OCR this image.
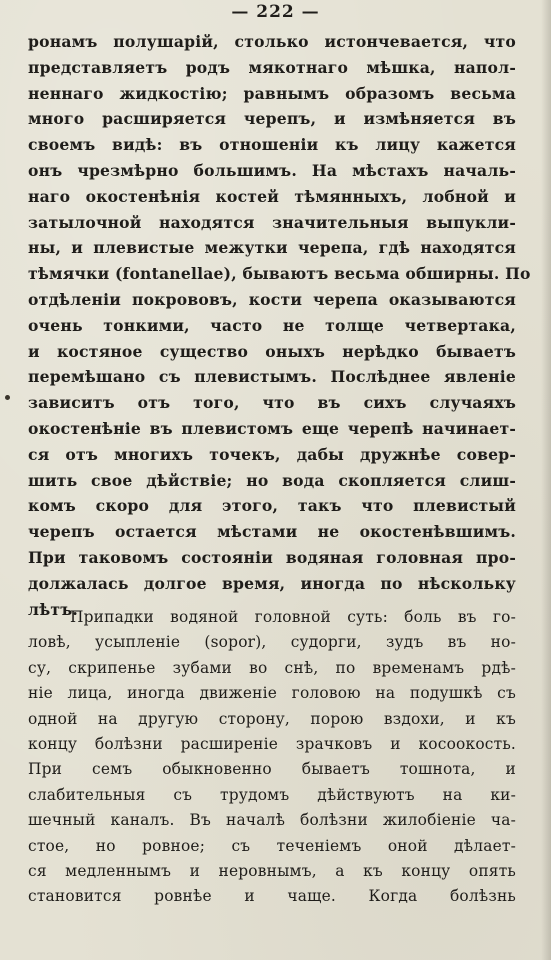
— 222 —
ронамъ полушарій, столько истончевается, что
представляетъ родъ мякотнаго мѣшка, напол-
неннаго жидкостію; равнымъ образомъ весьма
много расширяется черепъ, и измѣняется въ
своемъ видѣ: въ отношеніи къ лицу кажется
онъ чрезмѣрно большимъ. На мѣстахъ началь-
наго окостенѣнія костей тѣмянныхъ, лобной и
затылочной находятся значительныя выпукли-
ны, и плевистые межутки черепа, гдѣ находятся
тѣмячки (fontanellae), бываютъ весьма обширны. По
отдѣленіи покрововъ, кости черепа оказываются
очень тонкими, часто не толще четвертака,
и костяное существо оныхъ нерѣдко бываетъ
перемѣшано съ плевистымъ. Послѣднее явленіе
зависитъ отъ того, что въ сихъ случаяхъ
окостенѣніе въ плевистомъ еще черепѣ начинает-
ся отъ многихъ точекъ, дабы дружнѣе совер-
шить свое дѣйствіе; но вода скопляется слиш-
комъ скоро для этого, такъ что плевистый
черепъ остается мѣстами не окостенѣвшимъ.
При таковомъ состояніи водяная головная про-
должалась долгое время, иногда по нѣскольку
лѣтъ.
Припадки водяной головной суть: боль въ го-
ловѣ, усыпленіе (sopor), судорги, зудъ въ но-
су, скрипенье зубами во снѣ, по временамъ рдѣ-
ніе лица, иногда движеніе головою на подушкѣ съ
одной на другую сторону, порою вздохи, и къ
концу болѣзни расширеніе зрачковъ и косоокость.
При семъ обыкновенно бываетъ тошнота, и
слабительныя съ трудомъ дѣйствуютъ на ки-
шечный каналъ. Въ началѣ болѣзни жилобіеніе ча-
стое, но ровное; съ теченіемъ оной дѣлает-
ся медленнымъ и неровнымъ, а къ концу опять
становится ровнѣе и чаще. Когда болѣзнь
